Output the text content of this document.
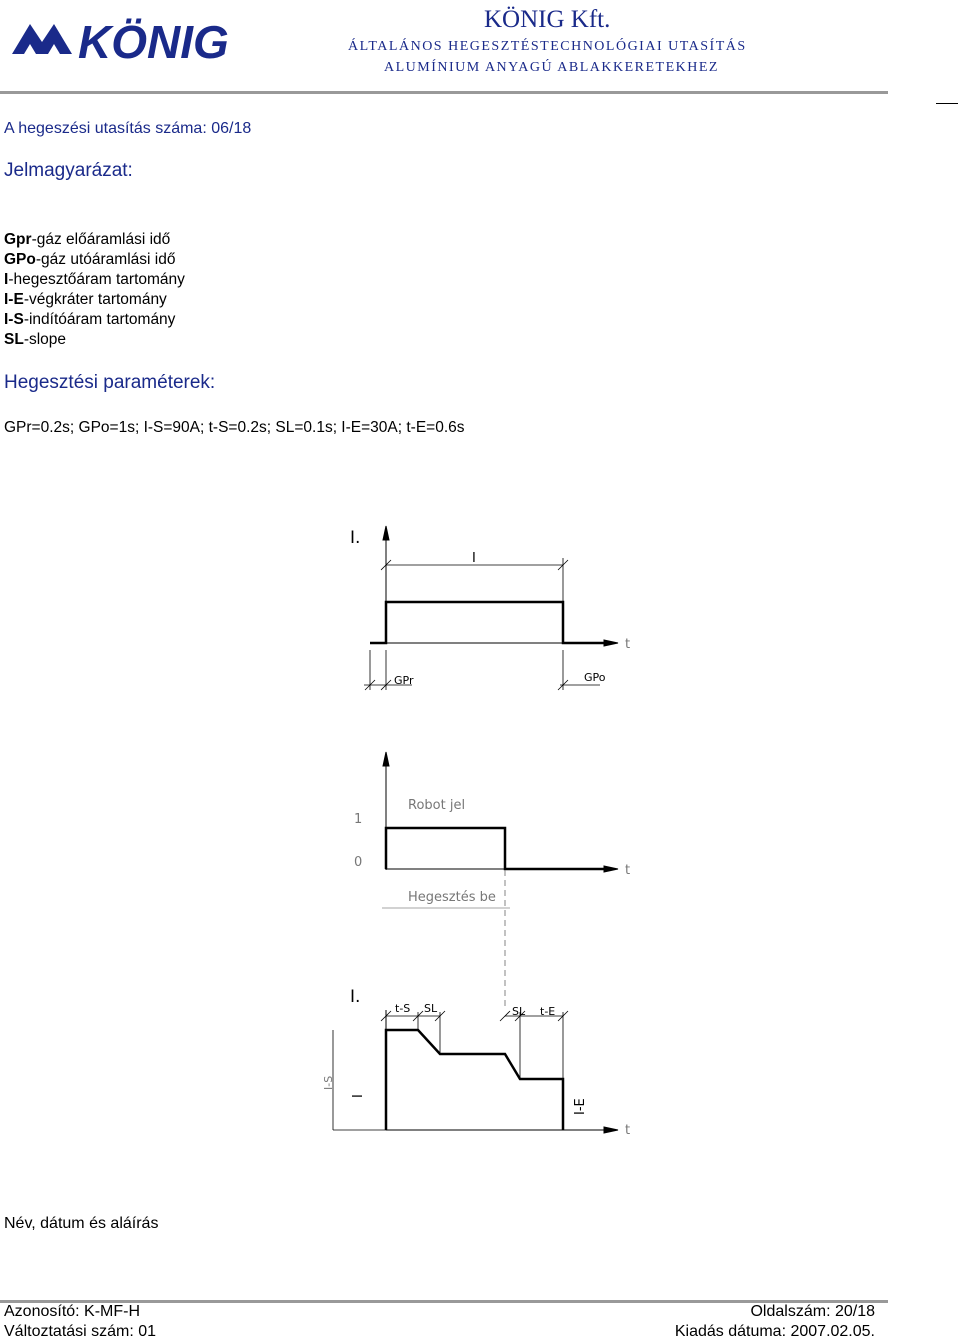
KÖNIG	KÖNIG Kft.
ÁLTALÁNOS HEGESZTÉSTECHNOLÓGIAI UTASÍTÁS
ALUMÍNIUM ANYAGÚ ABLAKKERETEKHEZ
A hegeszési utasítás száma: 06/18
Jelmagyarázat:
Gpr-gáz előáramlási idő
GPo-gáz utóáramlási idő
I-hegesztőáram tartomány
I-E-végkráter tartomány
I-S-indítóáram tartomány
SL-slope
Hegesztési paraméterek:
GPr=0.2s; GPo=1s; I-S=90A; t-S=0.2s; SL=0.1s; I-E=30A; t-E=0.6s
I.
I
t
GPr	GPo
1
0
Robot jel
Hegesztés be
t
I.
t-S SL	SL t-E
I-S
I
I-E
t
Név, dátum és aláírás
Azonosító: K-MF-H	Oldalszám: 20/18
Változtatási szám: 01	Kiadás dátuma: 2007.02.05.
